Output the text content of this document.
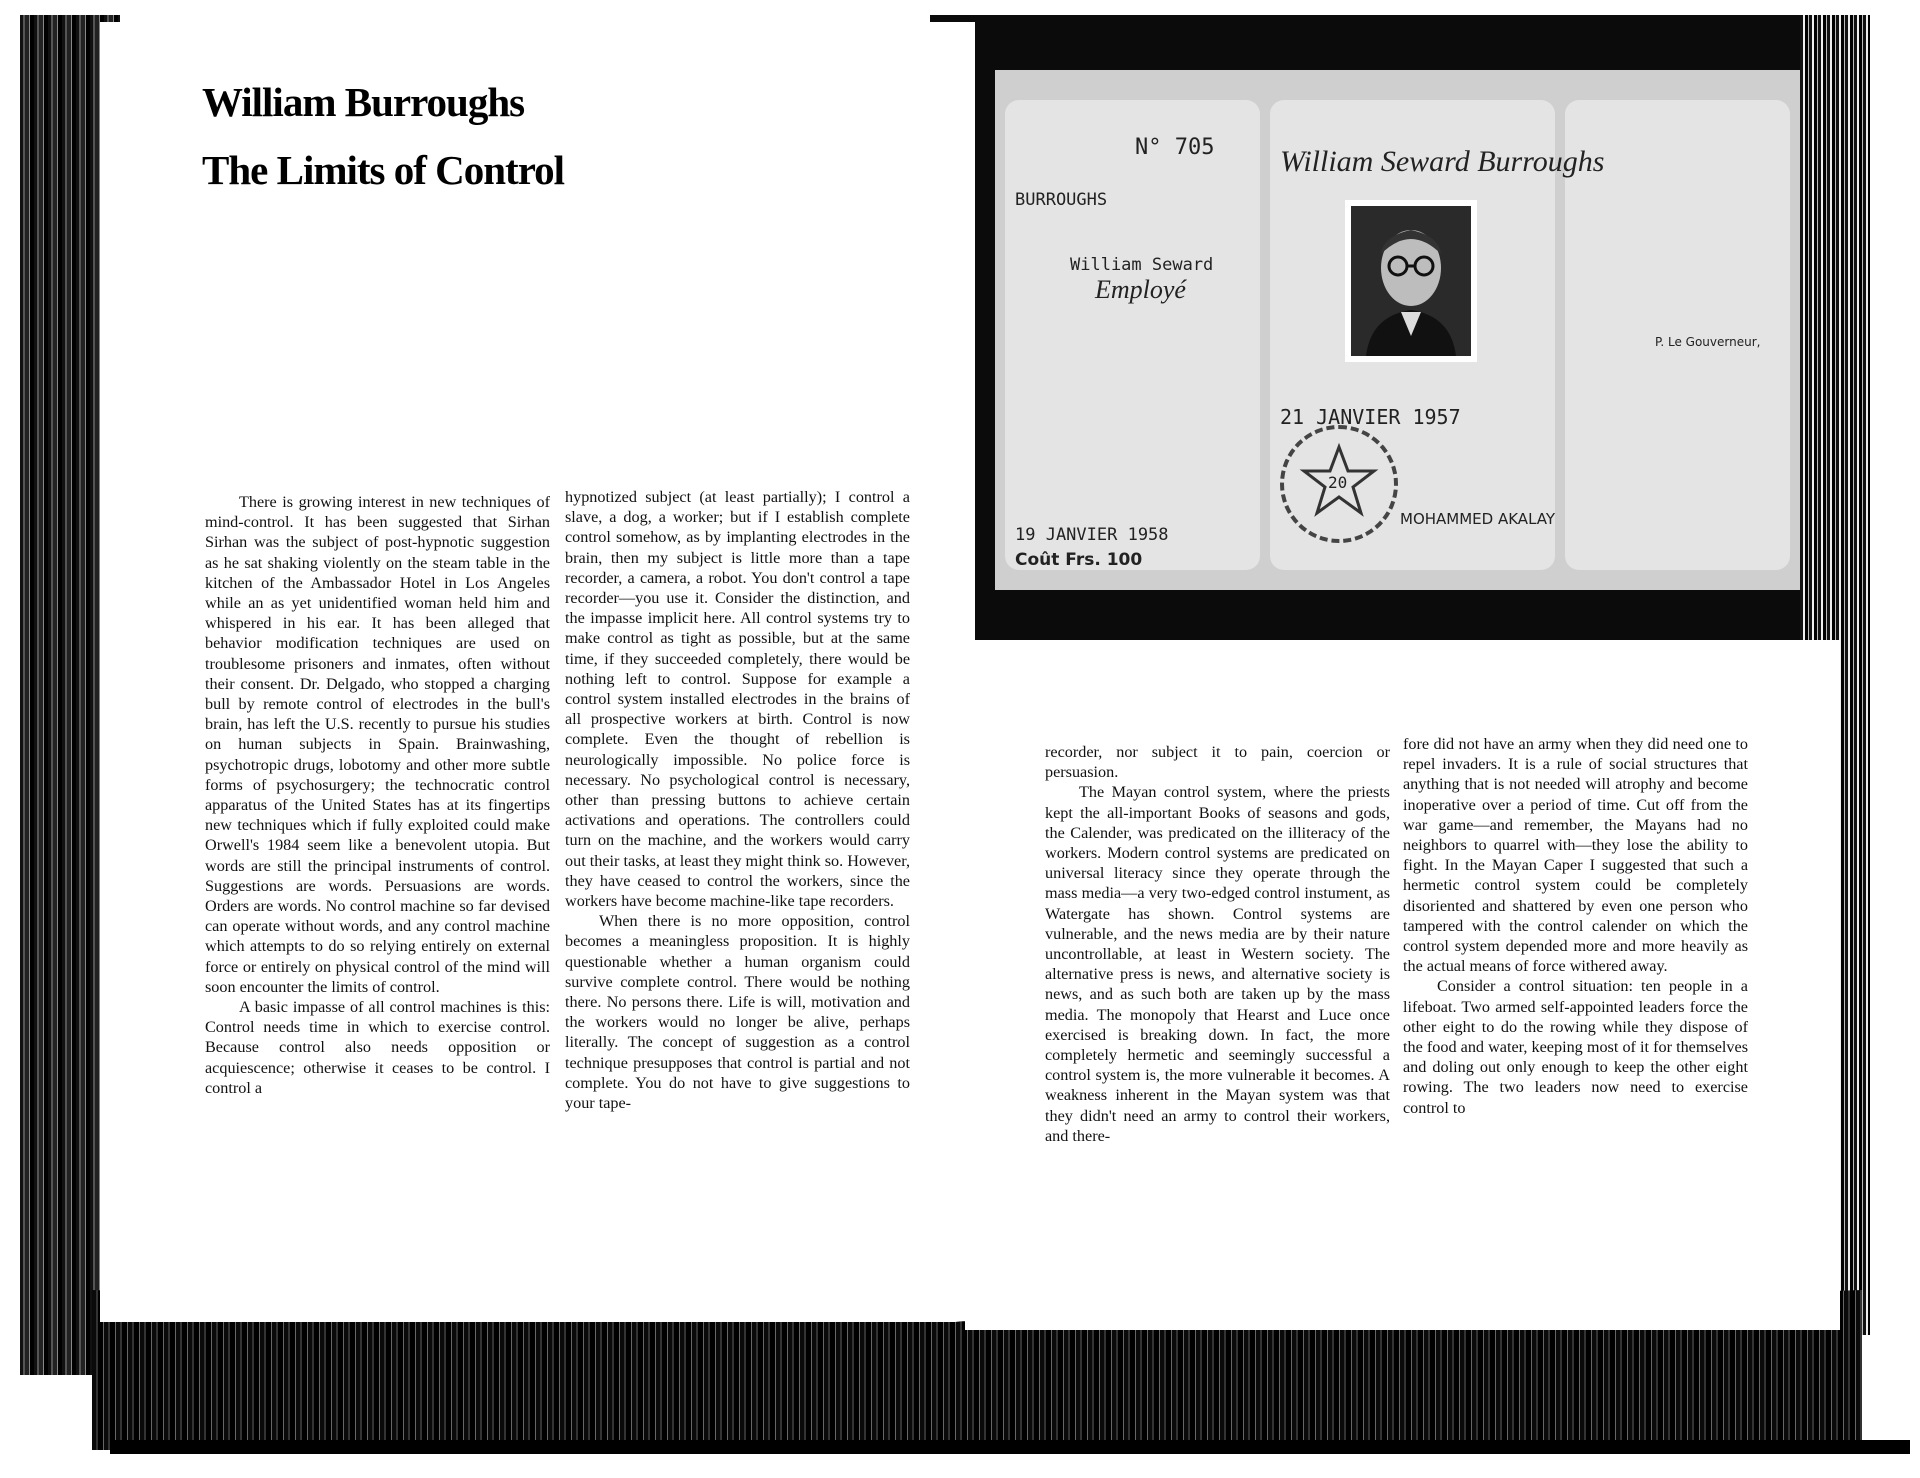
William Burroughs
The Limits of Control	N° 705
BURROUGHS
William Seward
Employé
19 JANVIER 1958
Coût Frs. 100
William Seward Burroughs
21 JANVIER 1957
20
MOHAMMED AKALAY
P. Le Gouverneur,

There is growing interest in new techniques of mind-control. It has been suggested that Sirhan Sirhan was the subject of post-hypnotic suggestion as he sat shaking violently on the steam table in the kitchen of the Ambassador Hotel in Los Angeles while an as yet unidentified woman held him and whispered in his ear. It has been alleged that behavior modification techniques are used on troublesome prisoners and inmates, often without their consent. Dr. Delgado, who stopped a charging bull by remote control of electrodes in the bull's brain, has left the U.S. recently to pursue his studies on human subjects in Spain. Brainwashing, psychotropic drugs, lobotomy and other more subtle forms of psychosurgery; the technocratic control apparatus of the United States has at its fingertips new techniques which if fully exploited could make Orwell's 1984 seem like a benevolent utopia. But words are still the principal instruments of control. Suggestions are words. Persuasions are words. Orders are words. No control machine so far devised can operate without words, and any control machine which attempts to do so relying entirely on external force or entirely on physical control of the mind will soon encounter the limits of control.

A basic impasse of all control machines is this: Control needs time in which to exercise control. Because control also needs opposition or acquiescence; otherwise it ceases to be control. I control a

hypnotized subject (at least partially); I control a slave, a dog, a worker; but if I establish complete control somehow, as by implanting electrodes in the brain, then my subject is little more than a tape recorder, a camera, a robot. You don't control a tape recorder—you use it. Consider the distinction, and the impasse implicit here. All control systems try to make control as tight as possible, but at the same time, if they succeeded completely, there would be nothing left to control. Suppose for example a control system installed electrodes in the brains of all prospective workers at birth. Control is now complete. Even the thought of rebellion is neurologically impossible. No police force is necessary. No psychological control is necessary, other than pressing buttons to achieve certain activations and operations. The controllers could turn on the machine, and the workers would carry out their tasks, at least they might think so. However, they have ceased to control the workers, since the workers have become machine-like tape recorders.

When there is no more opposition, control becomes a meaningless proposition. It is highly questionable whether a human organism could survive complete control. There would be nothing there. No persons there. Life is will, motivation and the workers would no longer be alive, perhaps literally. The concept of suggestion as a control technique presupposes that control is partial and not complete. You do not have to give suggestions to your tape-

recorder, nor subject it to pain, coercion or persuasion.

The Mayan control system, where the priests kept the all-important Books of seasons and gods, the Calender, was predicated on the illiteracy of the workers. Modern control systems are predicated on universal literacy since they operate through the mass media—a very two-edged control instument, as Watergate has shown. Control systems are vulnerable, and the news media are by their nature uncontrollable, at least in Western society. The alternative press is news, and alternative society is news, and as such both are taken up by the mass media. The monopoly that Hearst and Luce once exercised is breaking down. In fact, the more completely hermetic and seemingly successful a control system is, the more vulnerable it becomes. A weakness inherent in the Mayan system was that they didn't need an army to control their workers, and there-

fore did not have an army when they did need one to repel invaders. It is a rule of social structures that anything that is not needed will atrophy and become inoperative over a period of time. Cut off from the war game—and remember, the Mayans had no neighbors to quarrel with—they lose the ability to fight. In the Mayan Caper I suggested that such a hermetic control system could be completely disoriented and shattered by even one person who tampered with the control calender on which the control system depended more and more heavily as the actual means of force withered away.

Consider a control situation: ten people in a lifeboat. Two armed self-appointed leaders force the other eight to do the rowing while they dispose of the food and water, keeping most of it for themselves and doling out only enough to keep the other eight rowing. The two leaders now need to exercise control to
